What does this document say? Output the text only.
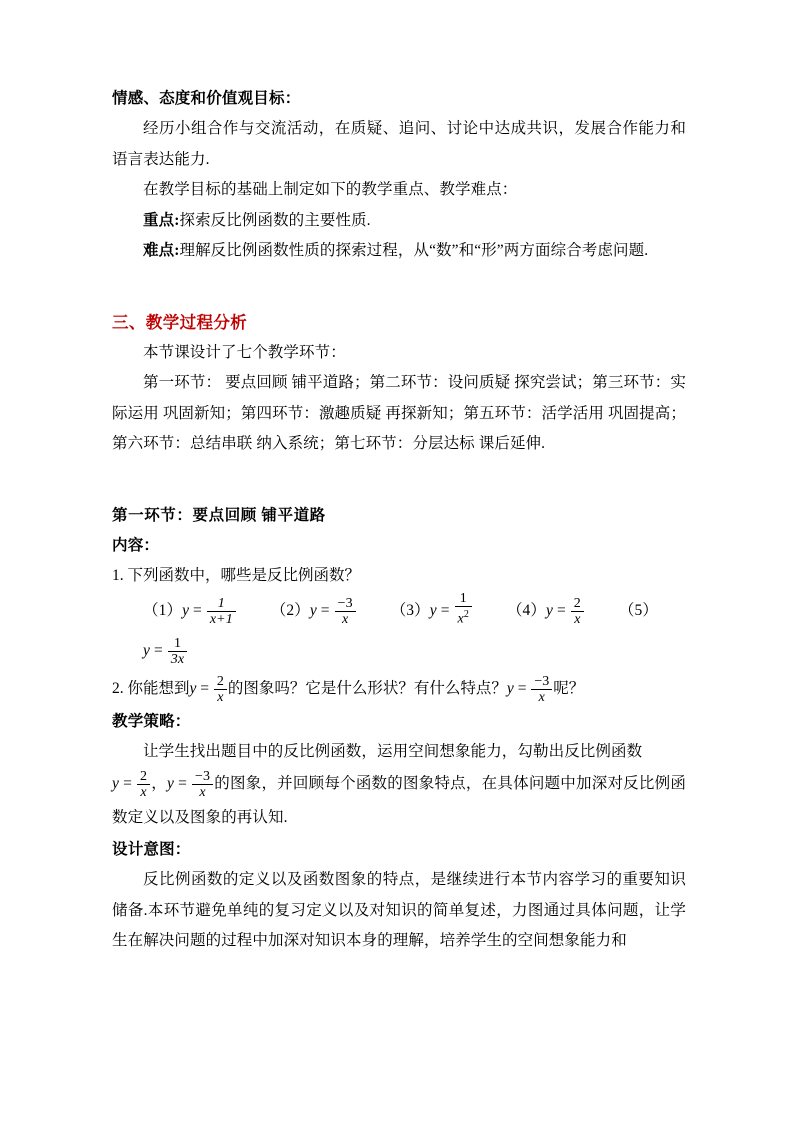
情感、态度和价值观目标：
经历小组合作与交流活动，在质疑、追问、讨论中达成共识，发展合作能力和语言表达能力.
在教学目标的基础上制定如下的教学重点、教学难点：
重点:探索反比例函数的主要性质.
难点:理解反比例函数性质的探索过程，从“数”和“形”两方面综合考虑问题.
三、教学过程分析
本节课设计了七个教学环节：
第一环节： 要点回顾 铺平道路；第二环节：设问质疑 探究尝试；第三环节：实际运用 巩固新知；第四环节：激趣质疑 再探新知；第五环节：活学活用 巩固提高；第六环节：总结串联 纳入系统；第七环节：分层达标 课后延伸.
第一环节：要点回顾 铺平道路
内容：
1. 下列函数中，哪些是反比例函数？
$(1)y = \frac{1}{x+1} (2)y = \frac{-3}{x} (3)y = \frac{1}{x^2} (4)y = \frac{2}{x} (5)y = \frac{1}{3x}$
2. 你能想到$y = \frac{2}{x}$ 的图象吗？它是什么形状？有什么特点？$y = \frac{-3}{x}$ 呢？
教学策略：
让学生找出题目中的反比例函数，运用空间想象能力，勾勒出反比例函数
$y = \frac{2}{x}$ ，$y = \frac{-3}{x}$ 的图象，并回顾每个函数的图象特点，在具体问题中加深对反比例函数定义以及图象的再认知.
设计意图：
反比例函数的定义以及函数图象的特点，是继续进行本节内容学习的重要知识储备.本环节避免单纯的复习定义以及对知识的简单复述，力图通过具体问题，让学生在解决问题的过程中加深对知识本身的理解，培养学生的空间想象能力和
